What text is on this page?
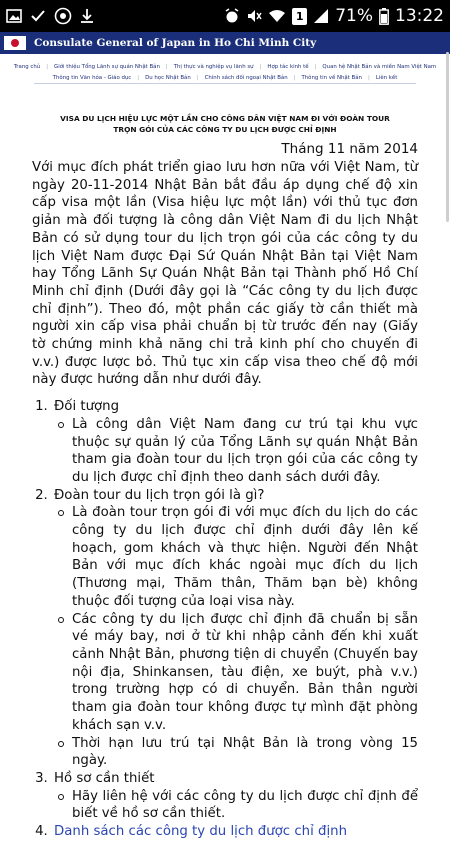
1 71% 13:22
Consulate General of Japan in Ho Chi Minh City
Trang chủ | Giới thiệu Tổng Lãnh sự quán Nhật Bản | Thị thực và nghiệp vụ lãnh sự | Hợp tác kinh tế | Quan hệ Nhật Bản và miền Nam Việt Nam
Thông tin Văn hóa - Giáo dục | Du học Nhật Bản | Chính sách đối ngoại Nhật Bản | Thông tin về Nhật Bản | Liên kết
VISA DU LỊCH HIỆU LỰC MỘT LẦN CHO CÔNG DÂN VIỆT NAM ĐI VỚI ĐOÀN TOUR TRỌN GÓI CỦA CÁC CÔNG TY DU LỊCH ĐƯỢC CHỈ ĐỊNH
Tháng 11 năm 2014
Với mục đích phát triển giao lưu hơn nữa với Việt Nam, từ ngày 20-11-2014 Nhật Bản bắt đầu áp dụng chế độ xin cấp visa một lần (Visa hiệu lực một lần) với thủ tục đơn giản mà đối tượng là công dân Việt Nam đi du lịch Nhật Bản có sử dụng tour du lịch trọn gói của các công ty du lịch Việt Nam được Đại Sứ Quán Nhật Bản tại Việt Nam hay Tổng Lãnh Sự Quán Nhật Bản tại Thành phố Hồ Chí Minh chỉ định (Dưới đây gọi là “Các công ty du lịch được chỉ định”). Theo đó, một phần các giấy tờ cần thiết mà người xin cấp visa phải chuẩn bị từ trước đến nay (Giấy tờ chứng minh khả năng chi trả kinh phí cho chuyến đi v.v.) được lược bỏ. Thủ tục xin cấp visa theo chế độ mới này được hướng dẫn như dưới đây.
1. Đối tượng
Là công dân Việt Nam đang cư trú tại khu vực thuộc sự quản lý của Tổng Lãnh sự quán Nhật Bản tham gia đoàn tour du lịch trọn gói của các công ty du lịch được chỉ định theo danh sách dưới đây.
2. Đoàn tour du lịch trọn gói là gì?
Là đoàn tour trọn gói đi với mục đích du lịch do các công ty du lịch được chỉ định dưới đây lên kế hoạch, gom khách và thực hiện. Người đến Nhật Bản với mục đích khác ngoài mục đích du lịch (Thương mại, Thăm thân, Thăm bạn bè) không thuộc đối tượng của loại visa này.
Các công ty du lịch được chỉ định đã chuẩn bị sẵn vé máy bay, nơi ở từ khi nhập cảnh đến khi xuất cảnh Nhật Bản, phương tiện di chuyển (Chuyến bay nội địa, Shinkansen, tàu điện, xe buýt, phà v.v.) trong trường hợp có di chuyển. Bản thân người tham gia đoàn tour không được tự mình đặt phòng khách sạn v.v.
Thời hạn lưu trú tại Nhật Bản là trong vòng 15 ngày.
3. Hồ sơ cần thiết
Hãy liên hệ với các công ty du lịch được chỉ định để biết về hồ sơ cần thiết.
4. Danh sách các công ty du lịch được chỉ định
